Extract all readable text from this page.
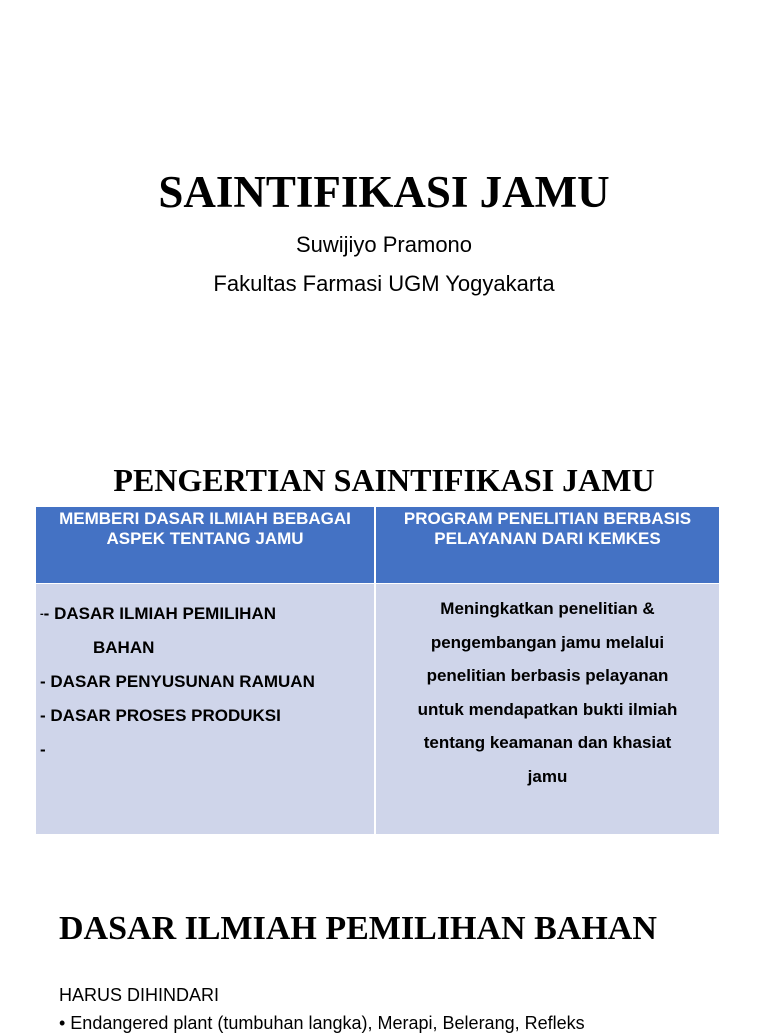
SAINTIFIKASI JAMU

Suwijiyo Pramono

Fakultas Farmasi UGM Yogyakarta

PENGERTIAN SAINTIFIKASI JAMU
MEMBERI DASAR ILMIAH BEBAGAI
ASPEK TENTANG JAMU
PROGRAM PENELITIAN BERBASIS
PELAYANAN DARI KEMKES
-- DASAR ILMIAH PEMILIHAN
BAHAN
- DASAR PENYUSUNAN RAMUAN
- DASAR PROSES PRODUKSI
-

Meningkatkan penelitian &
pengembangan jamu melalui
penelitian berbasis pelayanan
untuk mendapatkan bukti ilmiah
tentang keamanan dan khasiat
jamu

DASAR ILMIAH PEMILIHAN BAHAN

HARUS DIHINDARI

• Endangered plant (tumbuhan langka), Merapi, Belerang, Refleks
